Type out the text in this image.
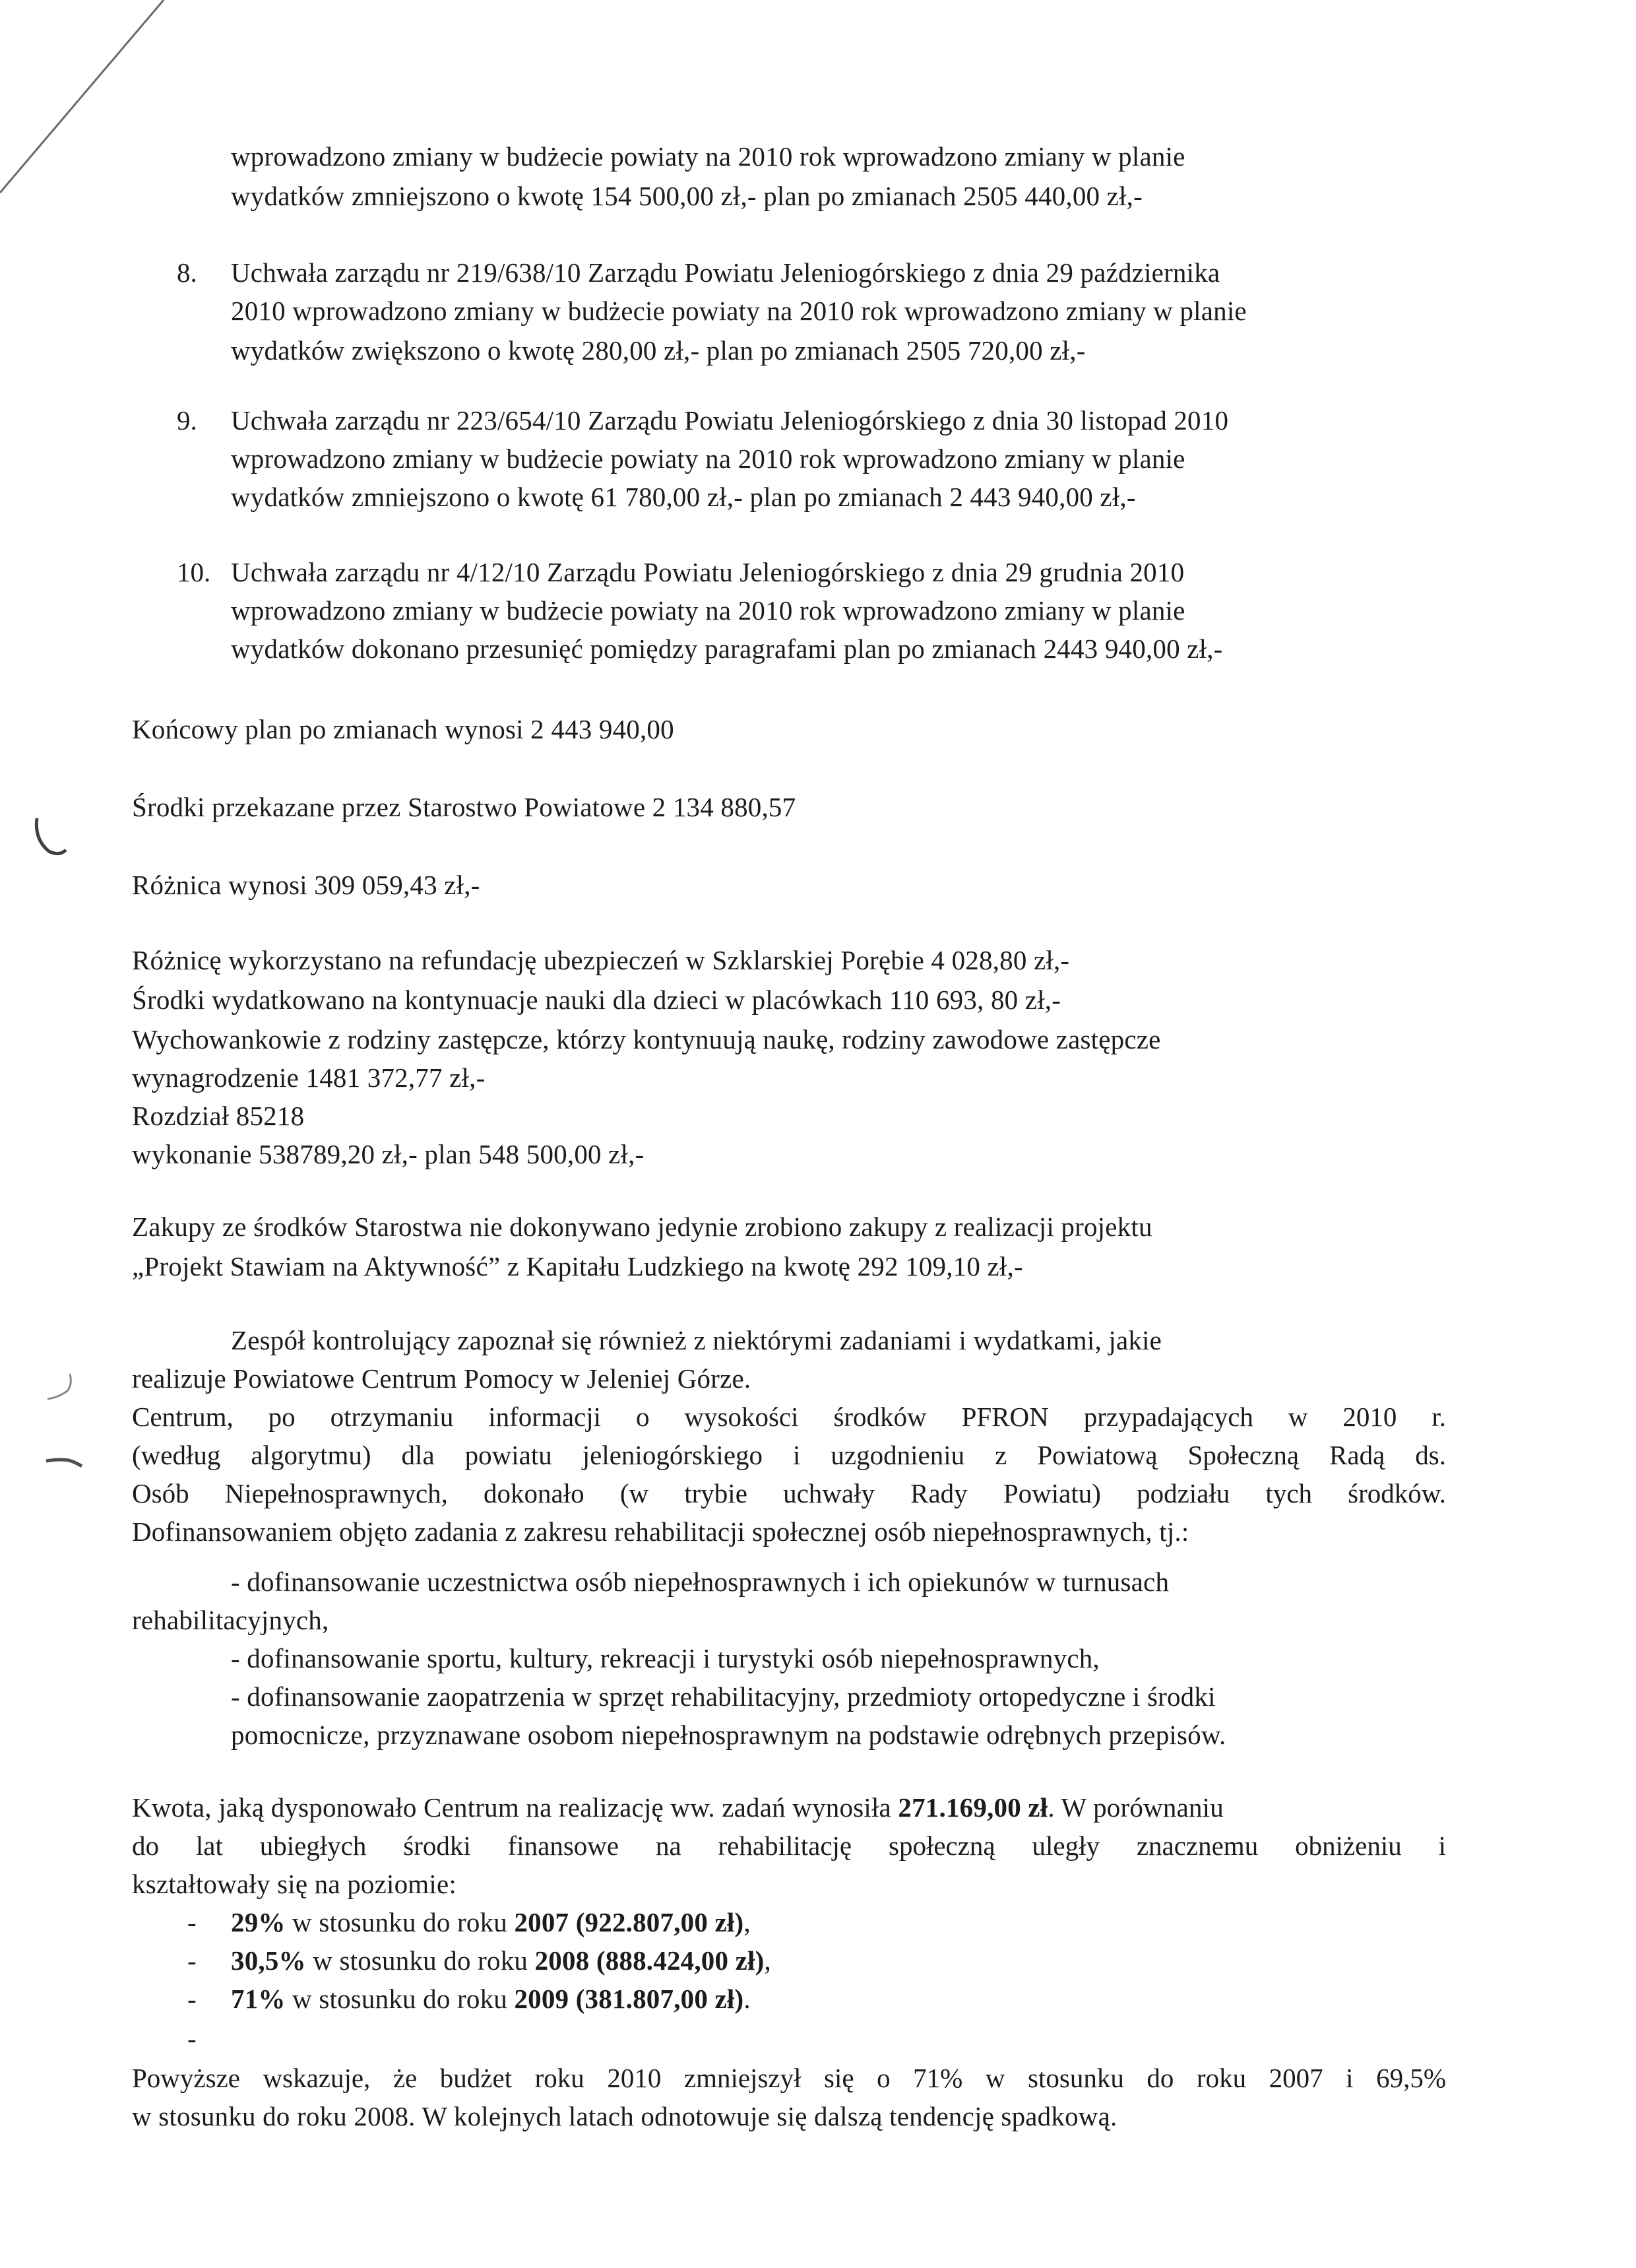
wprowadzono zmiany w budżecie powiaty na 2010 rok wprowadzono zmiany w planie
wydatków zmniejszono o kwotę 154 500,00 zł,- plan po zmianach 2505 440,00 zł,-
8. Uchwała zarządu nr 219/638/10 Zarządu Powiatu Jeleniogórskiego z dnia 29 października
2010 wprowadzono zmiany w budżecie powiaty na 2010 rok wprowadzono zmiany w planie
wydatków zwiększono o kwotę 280,00 zł,- plan po zmianach 2505 720,00 zł,-
9. Uchwała zarządu nr 223/654/10 Zarządu Powiatu Jeleniogórskiego z dnia 30 listopad 2010
wprowadzono zmiany w budżecie powiaty na 2010 rok wprowadzono zmiany w planie
wydatków zmniejszono o kwotę 61 780,00 zł,- plan po zmianach 2 443 940,00 zł,-
10. Uchwała zarządu nr 4/12/10 Zarządu Powiatu Jeleniogórskiego z dnia 29 grudnia 2010
wprowadzono zmiany w budżecie powiaty na 2010 rok wprowadzono zmiany w planie
wydatków dokonano przesunięć pomiędzy paragrafami plan po zmianach 2443 940,00 zł,-
Końcowy plan po zmianach wynosi 2 443 940,00
Środki przekazane przez Starostwo Powiatowe 2 134 880,57
Różnica wynosi 309 059,43 zł,-
Różnicę wykorzystano na refundację ubezpieczeń w Szklarskiej Porębie 4 028,80 zł,-
Środki wydatkowano na kontynuacje nauki dla dzieci w placówkach 110 693, 80 zł,-
Wychowankowie z rodziny zastępcze, którzy kontynuują naukę, rodziny zawodowe zastępcze
wynagrodzenie 1481 372,77 zł,-
Rozdział 85218
wykonanie 538789,20 zł,- plan 548 500,00 zł,-
Zakupy ze środków Starostwa nie dokonywano jedynie zrobiono zakupy z realizacji projektu
„Projekt Stawiam na Aktywność” z Kapitału Ludzkiego na kwotę 292 109,10 zł,-
Zespół kontrolujący zapoznał się również z niektórymi zadaniami i wydatkami, jakie
realizuje Powiatowe Centrum Pomocy w Jeleniej Górze.
Centrum, po otrzymaniu informacji o wysokości środków PFRON przypadających w 2010 r.
(według algorytmu) dla powiatu jeleniogórskiego i uzgodnieniu z Powiatową Społeczną Radą ds.
Osób Niepełnosprawnych, dokonało (w trybie uchwały Rady Powiatu) podziału tych środków.
Dofinansowaniem objęto zadania z zakresu rehabilitacji społecznej osób niepełnosprawnych, tj.:
- dofinansowanie uczestnictwa osób niepełnosprawnych i ich opiekunów w turnusach
rehabilitacyjnych,
- dofinansowanie sportu, kultury, rekreacji i turystyki osób niepełnosprawnych,
- dofinansowanie zaopatrzenia w sprzęt rehabilitacyjny, przedmioty ortopedyczne i środki
pomocnicze, przyznawane osobom niepełnosprawnym na podstawie odrębnych przepisów.
Kwota, jaką dysponowało Centrum na realizację ww. zadań wynosiła 271.169,00 zł. W porównaniu
do lat ubiegłych środki finansowe na rehabilitację społeczną uległy znacznemu obniżeniu i
kształtowały się na poziomie:
- 29% w stosunku do roku 2007 (922.807,00 zł),
- 30,5% w stosunku do roku 2008 (888.424,00 zł),
- 71% w stosunku do roku 2009 (381.807,00 zł).
-
Powyższe wskazuje, że budżet roku 2010 zmniejszył się o 71% w stosunku do roku 2007 i 69,5%
w stosunku do roku 2008. W kolejnych latach odnotowuje się dalszą tendencję spadkową.
